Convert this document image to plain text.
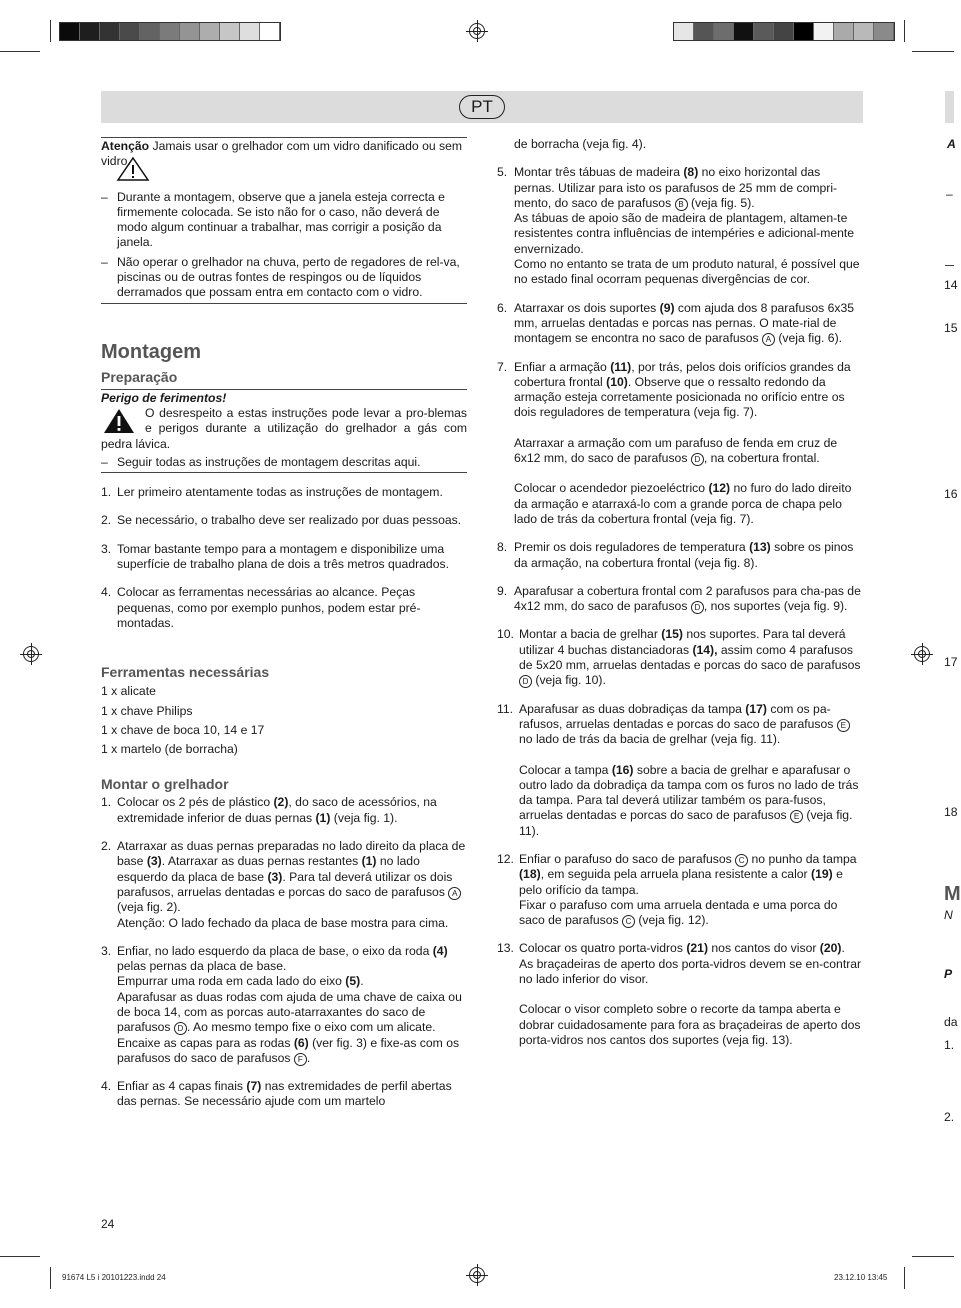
PT

Atenção Jamais usar o grelhador com um vidro danificado ou sem vidro.

– Durante a montagem, observe que a janela esteja correcta e firmemente colocada. Se isto não for o caso, não deverá de modo algum continuar a trabalhar, mas corrigir a posição da janela.
– Não operar o grelhador na chuva, perto de regadores de rel-va, piscinas ou de outras fontes de respingos ou de líquidos derramados que possam entra em contacto com o vidro.
Montagem
Preparação

Perigo de ferimentos!

O desrespeito a estas instruções pode levar a pro-blemas e perigos durante a utilização do grelhador a gás com pedra lávica.
– Seguir todas as instruções de montagem descritas aqui.
1. Ler primeiro atentamente todas as instruções de montagem.
2. Se necessário, o trabalho deve ser realizado por duas pessoas.
3. Tomar bastante tempo para a montagem e disponibilize uma superfície de trabalho plana de dois a três metros quadrados.
4. Colocar as ferramentas necessárias ao alcance. Peças pequenas, como por exemplo punhos, podem estar pré-montadas.
Ferramentas necessárias

1 x alicate

1 x chave Philips

1 x chave de boca 10, 14 e 17

1 x martelo (de borracha)

Montar o grelhador
1. Colocar os 2 pés de plástico (2), do saco de acessórios, na extremidade inferior de duas pernas (1) (veja fig. 1).
2. Atarraxar as duas pernas preparadas no lado direito da placa de base (3). Atarraxar as duas pernas restantes (1) no lado esquerdo da placa de base (3). Para tal deverá utilizar os dois parafusos, arruelas dentadas e porcas do saco de parafusos A (veja fig. 2).
Atenção: O lado fechado da placa de base mostra para cima.
3. Enfiar, no lado esquerdo da placa de base, o eixo da roda (4) pelas pernas da placa de base.
Empurrar uma roda em cada lado do eixo (5).
Aparafusar as duas rodas com ajuda de uma chave de caixa ou de boca 14, com as porcas auto-atarraxantes do saco de parafusos D . Ao mesmo tempo fixe o eixo com um alicate.
Encaixe as capas para as rodas (6) (ver fig. 3) e fixe-as com os parafusos do saco de parafusos F .
4. Enfiar as 4 capas finais (7) nas extremidades de perfil abertas das pernas. Se necessário ajude com um martelo

de borracha (veja fig. 4).

5. Montar três tábuas de madeira (8) no eixo horizontal das pernas. Utilizar para isto os parafusos de 25 mm de compri-mento, do saco de parafusos B (veja fig. 5).
As tábuas de apoio são de madeira de plantagem, altamen-te resistentes contra influências de intempéries e adicional-mente envernizado.
Como no entanto se trata de um produto natural, é possível que no estado final ocorram pequenas divergências de cor.
6. Atarraxar os dois suportes (9) com ajuda dos 8 parafusos 6x35 mm, arruelas dentadas e porcas nas pernas. O mate-rial de montagem se encontra no saco de parafusos A (veja fig. 6).
7. Enfiar a armação (11), por trás, pelos dois orifícios grandes da cobertura frontal (10). Observe que o ressalto redondo da armação esteja corretamente posicionada no orifício entre os dois reguladores de temperatura (veja fig. 7).
Atarraxar a armação com um parafuso de fenda em cruz de 6x12 mm, do saco de parafusos D , na cobertura frontal.
Colocar o acendedor piezoeléctrico (12) no furo do lado direito da armação e atarraxá-lo com a grande porca de chapa pelo lado de trás da cobertura frontal (veja fig. 7).
8. Premir os dois reguladores de temperatura (13) sobre os pinos da armação, na cobertura frontal (veja fig. 8).
9. Aparafusar a cobertura frontal com 2 parafusos para cha-pas de 4x12 mm, do saco de parafusos D , nos suportes (veja fig. 9).
10. Montar a bacia de grelhar (15) nos suportes. Para tal deverá utilizar 4 buchas distanciadoras (14), assim como 4 parafusos de 5x20 mm, arruelas dentadas e porcas do saco de parafusos D (veja fig. 10).
11. Aparafusar as duas dobradiças da tampa (17) com os pa-rafusos, arruelas dentadas e porcas do saco de parafusos E no lado de trás da bacia de grelhar (veja fig. 11).
Colocar a tampa (16) sobre a bacia de grelhar e aparafusar o outro lado da dobradiça da tampa com os furos no lado de trás da tampa. Para tal deverá utilizar também os para-fusos, arruelas dentadas e porcas do saco de parafusos E (veja fig. 11).
12. Enfiar o parafuso do saco de parafusos C no punho da tampa (18), em seguida pela arruela plana resistente a calor (19) e pelo orifício da tampa.
Fixar o parafuso com uma arruela dentada e uma porca do saco de parafusos C (veja fig. 12).
13. Colocar os quatro porta-vidros (21) nos cantos do visor (20).
As braçadeiras de aperto dos porta-vidros devem se en-contrar no lado inferior do visor.
Colocar o visor completo sobre o recorte da tampa aberta e dobrar cuidadosamente para fora as braçadeiras de aperto dos porta-vidros nos cantos dos suportes (veja fig. 13).
A
–
14
15
16
17
18
M
N
P
da
1.
2.
24
91674 L5 i 20101223.indd 24	23.12.10 13:45
